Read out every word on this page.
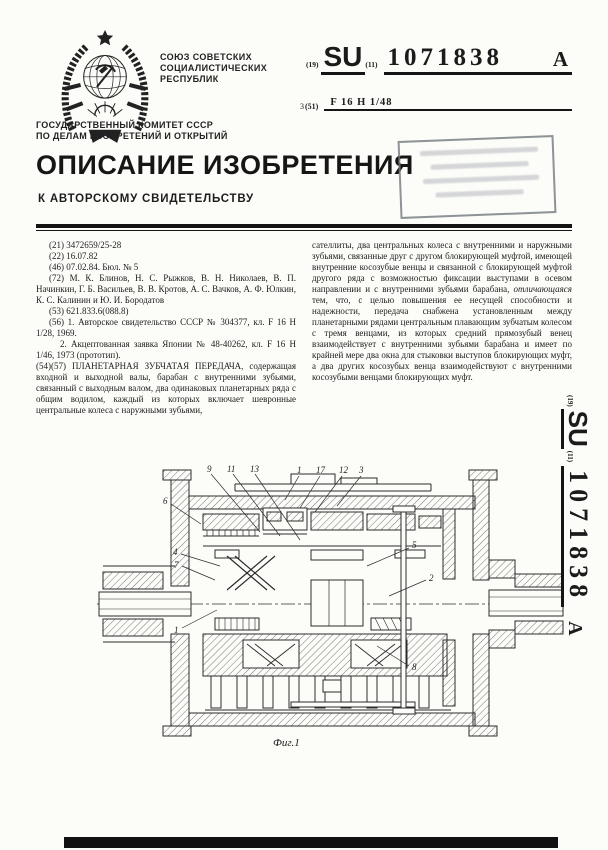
СОЮЗ СОВЕТСКИХ
СОЦИАЛИСТИЧЕСКИХ
РЕСПУБЛИК
ГОСУДАРСТВЕННЫЙ КОМИТЕТ СССР
ПО ДЕЛАМ ИЗОБРЕТЕНИЙ И ОТКРЫТИЙ
(19) SU (11) 1071838 А
3 (51)	F 16 H 1/48
ОПИСАНИЕ ИЗОБРЕТЕНИЯ
К АВТОРСКОМУ СВИДЕТЕЛЬСТВУ

(21) 3472659/25-28

(22) 16.07.82

(46) 07.02.84. Бюл. № 5

(72) М. К. Блинов, Н. С. Рыжков, В. Н. Николаев, В. П. Начинкин, Г. Б. Васильев, В. В. Кротов, А. С. Вачков, А. Ф. Юлкин, К. С. Калинин и Ю. И. Бородатов

(53) 621.833.6(088.8)

(56) 1. Авторское свидетельство СССР № 304377, кл. F 16 H 1/28, 1969.

2. Акцептованная заявка Японии № 48-40262, кл. F 16 H 1/46, 1973 (прототип).

(54)(57) ПЛАНЕТАРНАЯ ЗУБЧАТАЯ ПЕРЕДАЧА, содержащая входной и выходной валы, барабан с внутренними зубьями, связанный с выходным валом, два одинаковых планетарных ряда с общим водилом, каждый из которых включает шевронные центральные колеса с наружными зубьями,

сателлиты, два центральных колеса с внутренними и наружными зубьями, связанные друг с другом блокирующей муфтой, имеющей внутренние косозубые венцы и связанной с блокирующей муфтой другого ряда с возможностью фиксации выступами в осевом направлении и с внутренними зубьями барабана, отличающаяся тем, что, с целью повышения ее несущей способности и надежности, передача снабжена установленным между планетарными рядами центральным плавающим зубчатым колесом с тремя венцами, из которых средний прямозубый венец взаимодействует с внутренними зубьями барабана и имеет по крайней мере два окна для стыковки выступов блокирующих муфт, а два других косозубых венца взаимодействуют с внутренними косозубыми венцами блокирующих муфт.

9 11 13	1 17 12 3
6
4
7
1
5
2
8
Фиг.1
(19)
SU
(11)
1071838
А
